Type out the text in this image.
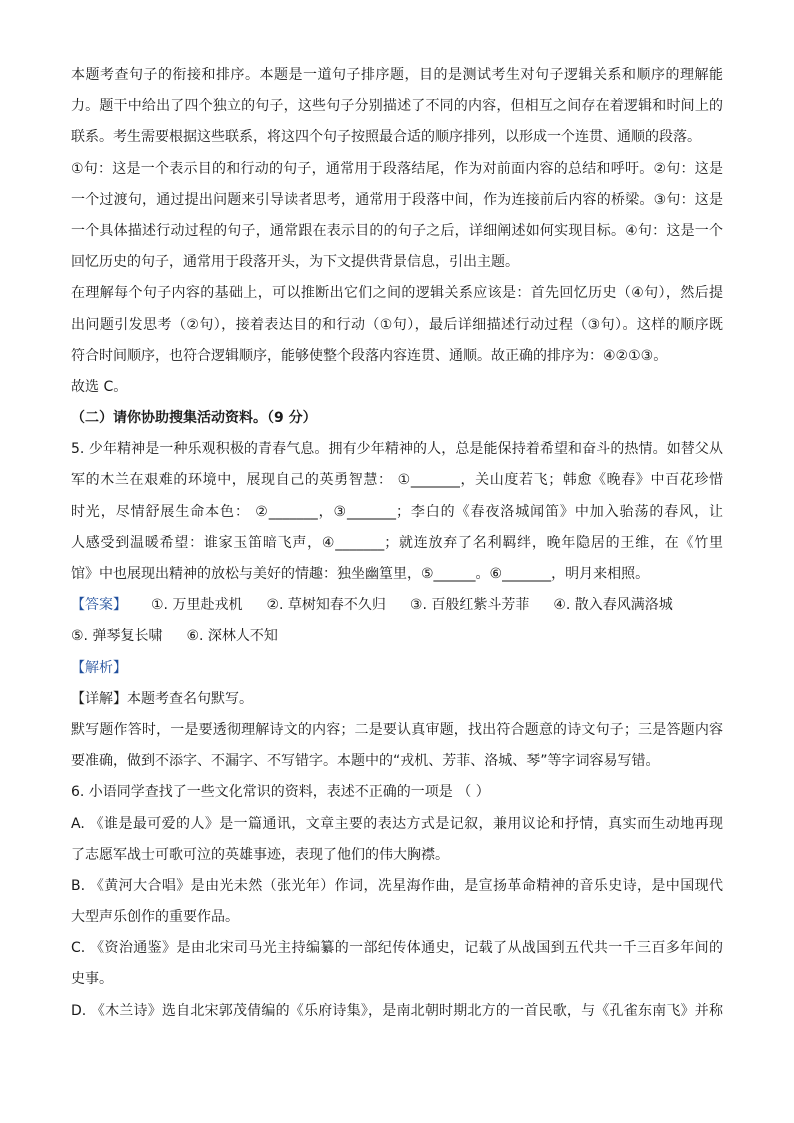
本题考查句子的衔接和排序。本题是一道句子排序题，目的是测试考生对句子逻辑关系和顺序的理解能
力。题干中给出了四个独立的句子，这些句子分别描述了不同的内容，但相互之间存在着逻辑和时间上的
联系。考生需要根据这些联系，将这四个句子按照最合适的顺序排列，以形成一个连贯、通顺的段落。
①句：这是一个表示目的和行动的句子，通常用于段落结尾，作为对前面内容的总结和呼吁。②句：这是
一个过渡句，通过提出问题来引导读者思考，通常用于段落中间，作为连接前后内容的桥梁。③句：这是
一个具体描述行动过程的句子，通常跟在表示目的的句子之后，详细阐述如何实现目标。④句：这是一个
回忆历史的句子，通常用于段落开头，为下文提供背景信息，引出主题。
在理解每个句子内容的基础上，可以推断出它们之间的逻辑关系应该是：首先回忆历史（④句），然后提
出问题引发思考（②句），接着表达目的和行动（①句），最后详细描述行动过程（③句）。这样的顺序既
符合时间顺序，也符合逻辑顺序，能够使整个段落内容连贯、通顺。故正确的排序为：④②①③。
故选 C。
（二）请你协助搜集活动资料。（9 分）
5. 少年精神是一种乐观积极的青春气息。拥有少年精神的人，总是能保持着希望和奋斗的热情。如替父从
军的木兰在艰难的环境中，展现自己的英勇智慧： ①_______，关山度若飞；韩愈《晚春》中百花珍惜
时光，尽情舒展生命本色： ②_______，③_______；李白的《春夜洛城闻笛》中加入骀荡的春风，让
人感受到温暖希望：谁家玉笛暗飞声，④_______；就连放弃了名利羁绊，晚年隐居的王维，在《竹里
馆》中也展现出精神的放松与美好的情趣：独坐幽篁里，⑤______。⑥_______，明月来相照。
【答案】 ①. 万里赴戎机 ②. 草树知春不久归 ③. 百般红紫斗芳菲 ④. 散入春风满洛城
⑤. 弹琴复长啸 ⑥. 深林人不知
【解析】
【详解】本题考查名句默写。
默写题作答时，一是要透彻理解诗文的内容；二是要认真审题，找出符合题意的诗文句子；三是答题内容
要准确，做到不添字、不漏字、不写错字。本题中的“戎机、芳菲、洛城、琴”等字词容易写错。
6. 小语同学查找了一些文化常识的资料，表述不正确的一项是 （ ）
A. 《谁是最可爱的人》是一篇通讯，文章主要的表达方式是记叙，兼用议论和抒情，真实而生动地再现
了志愿军战士可歌可泣的英雄事迹，表现了他们的伟大胸襟。
B. 《黄河大合唱》是由光未然（张光年）作词，冼星海作曲，是宣扬革命精神的音乐史诗，是中国现代
大型声乐创作的重要作品。
C. 《资治通鉴》是由北宋司马光主持编纂的一部纪传体通史，记载了从战国到五代共一千三百多年间的
史事。
D. 《木兰诗》选自北宋郭茂倩编的《乐府诗集》，是南北朝时期北方的一首民歌，与《孔雀东南飞》并称
